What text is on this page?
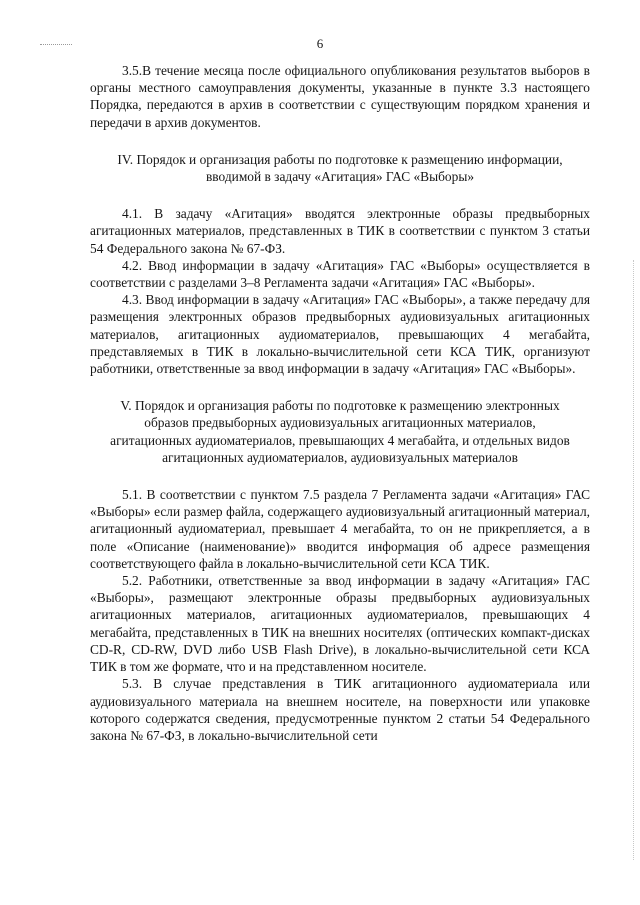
6

3.5.В течение месяца после официального опубликования результатов выборов в органы местного самоуправления документы, указанные в пункте 3.3 настоящего Порядка, передаются в архив в соответствии с существующим порядком хранения и передачи в архив документов.

IV. Порядок и организация работы по подготовке к размещению информации, вводимой в задачу «Агитация» ГАС «Выборы»

4.1. В задачу «Агитация» вводятся электронные образы предвыборных агитационных материалов, представленных в ТИК в соответствии с пунктом 3 статьи 54 Федерального закона № 67-ФЗ.

4.2. Ввод информации в задачу «Агитация» ГАС «Выборы» осуществляется в соответствии с разделами 3–8 Регламента задачи «Агитация» ГАС «Выборы».

4.3. Ввод информации в задачу «Агитация» ГАС «Выборы», а также передачу для размещения электронных образов предвыборных аудиовизуальных агитационных материалов, агитационных аудиоматериалов, превышающих 4 мегабайта, представляемых в ТИК в локально-вычислительной сети КСА ТИК, организуют работники, ответственные за ввод информации в задачу «Агитация» ГАС «Выборы».

V. Порядок и организация работы по подготовке к размещению электронных образов предвыборных аудиовизуальных агитационных материалов, агитационных аудиоматериалов, превышающих 4 мегабайта, и отдельных видов агитационных аудиоматериалов, аудиовизуальных материалов

5.1. В соответствии с пунктом 7.5 раздела 7 Регламента задачи «Агитация» ГАС «Выборы» если размер файла, содержащего аудиовизуальный агитационный материал, агитационный аудиоматериал, превышает 4 мегабайта, то он не прикрепляется, а в поле «Описание (наименование)» вводится информация об адресе размещения соответствующего файла в локально-вычислительной сети КСА ТИК.

5.2. Работники, ответственные за ввод информации в задачу «Агитация» ГАС «Выборы», размещают электронные образы предвыборных аудиовизуальных агитационных материалов, агитационных аудиоматериалов, превышающих 4 мегабайта, представленных в ТИК на внешних носителях (оптических компакт-дисках CD-R, CD-RW, DVD либо USB Flash Drive), в локально-вычислительной сети КСА ТИК в том же формате, что и на представленном носителе.

5.3. В случае представления в ТИК агитационного аудиоматериала или аудиовизуального материала на внешнем носителе, на поверхности или упаковке которого содержатся сведения, предусмотренные пунктом 2 статьи 54 Федерального закона № 67-ФЗ, в локально-вычислительной сети
